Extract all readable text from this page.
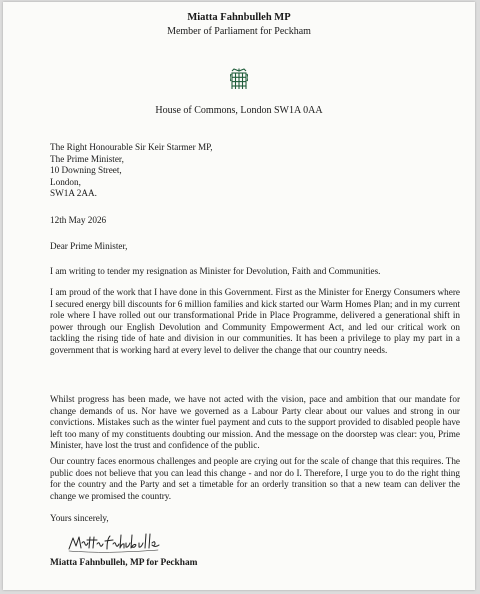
Miatta Fahnbulleh MP
Member of Parliament for Peckham
House of Commons, London SW1A 0AA
The Right Honourable Sir Keir Starmer MP,
The Prime Minister,
10 Downing Street,
London,
SW1A 2AA.
12th May 2026
Dear Prime Minister,
I am writing to tender my resignation as Minister for Devolution, Faith and Communities.
I am proud of the work that I have done in this Government. First as the Minister for Energy Consumers where I secured energy bill discounts for 6 million families and kick started our Warm Homes Plan; and in my current role where I have rolled out our transformational Pride in Place Programme, delivered a generational shift in power through our English Devolution and Community Empowerment Act, and led our critical work on tackling the rising tide of hate and division in our communities. It has been a privilege to play my part in a government that is working hard at every level to deliver the change that our country needs.
Whilst progress has been made, we have not acted with the vision, pace and ambition that our mandate for change demands of us. Nor have we governed as a Labour Party clear about our values and strong in our convictions. Mistakes such as the winter fuel payment and cuts to the support provided to disabled people have left too many of my constituents doubting our mission. And the message on the doorstep was clear: you, Prime Minister, have lost the trust and confidence of the public.
Our country faces enormous challenges and people are crying out for the scale of change that this requires. The public does not believe that you can lead this change - and nor do I. Therefore, I urge you to do the right thing for the country and the Party and set a timetable for an orderly transition so that a new team can deliver the change we promised the country.
Yours sincerely,
Miatta Fahnbulleh, MP for Peckham
